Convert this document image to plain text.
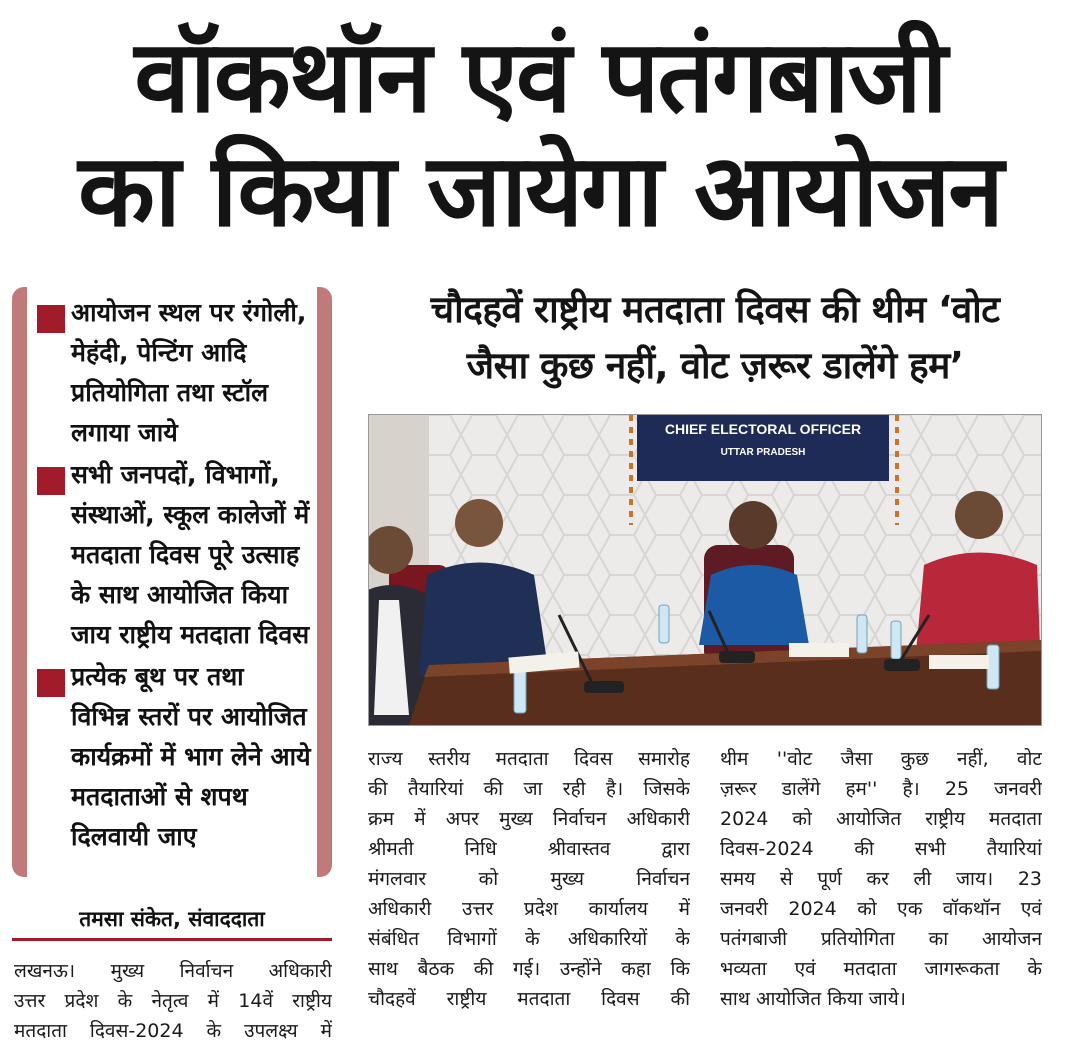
वॉकथॉन एवं पतंगबाजी
का किया जायेगा आयोजन
आयोजन स्थल पर रंगोली, मेहंदी, पेन्टिंग आदि प्रतियोगिता तथा स्टॉल लगाया जाये
सभी जनपदों, विभागों, संस्थाओं, स्कूल कालेजों में मतदाता दिवस पूरे उत्साह के साथ आयोजित किया जाय राष्ट्रीय मतदाता दिवस
प्रत्येक बूथ पर तथा विभिन्न स्तरों पर आयोजित कार्यक्रमों में भाग लेने आये मतदाताओं से शपथ दिलवायी जाए
तमसा संकेत, संवाददाता
चौदहवें राष्ट्रीय मतदाता दिवस की थीम ‘वोट
जैसा कुछ नहीं, वोट ज़रूर डालेंगे हम’
CHIEF ELECTORAL OFFICER
UTTAR PRADESH
लखनऊ। मुख्य निर्वाचन अधिकारी
उत्तर प्रदेश के नेतृत्व में 14वें राष्ट्रीय
मतदाता दिवस-2024 के उपलक्ष्य में
राज्य स्तरीय मतदाता दिवस समारोह
की तैयारियां की जा रही है। जिसके
क्रम में अपर मुख्य निर्वाचन अधिकारी
श्रीमती निधि श्रीवास्तव द्वारा
मंगलवार को मुख्य निर्वाचन
अधिकारी उत्तर प्रदेश कार्यालय में
संबंधित विभागों के अधिकारियों के
साथ बैठक की गई। उन्होंने कहा कि
चौदहवें राष्ट्रीय मतदाता दिवस की
थीम ''वोट जैसा कुछ नहीं, वोट
ज़रूर डालेंगे हम'' है। 25 जनवरी
2024 को आयोजित राष्ट्रीय मतदाता
दिवस-2024 की सभी तैयारियां
समय से पूर्ण कर ली जाय। 23
जनवरी 2024 को एक वॉकथॉन एवं
पतंगबाजी प्रतियोगिता का आयोजन
भव्यता एवं मतदाता जागरूकता के
साथ आयोजित किया जाये।
